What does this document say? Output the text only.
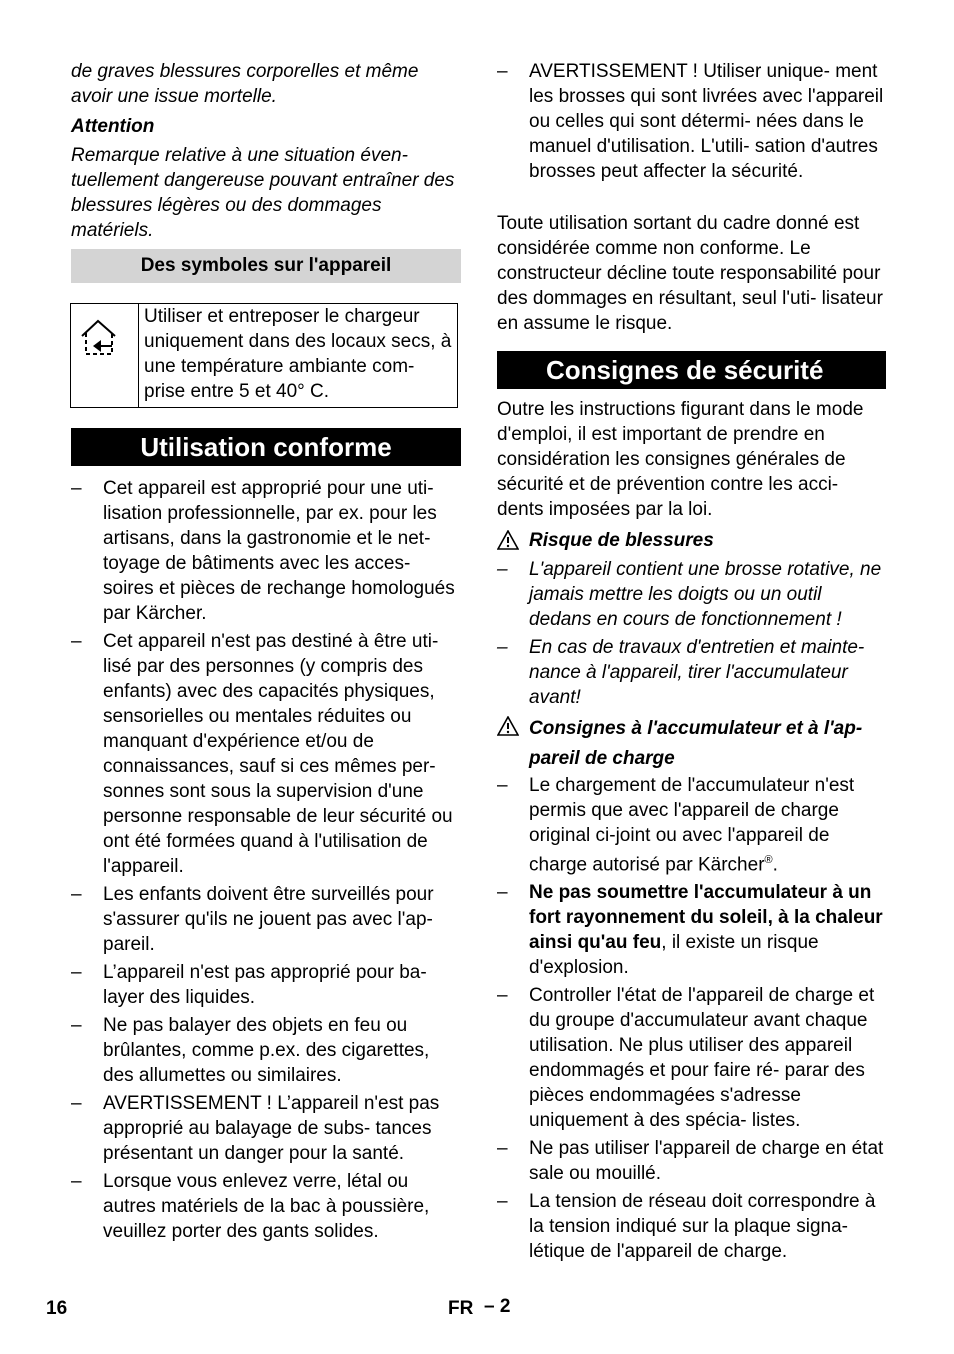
de graves blessures corporelles et même avoir une issue mortelle.

Attention

Remarque relative à une situation éven- tuellement dangereuse pouvant entraîner des blessures légères ou des dommages matériels.

Des symboles sur l'appareil

Utiliser et entreposer le chargeur uniquement dans des locaux secs, à une température ambiante com- prise entre 5 et 40° C.

Utilisation conforme
–	Cet appareil est approprié pour une uti- lisation professionnelle, par ex. pour les artisans, dans la gastronomie et le net- toyage de bâtiments avec les acces- soires et pièces de rechange homologués par Kärcher.
–	Cet appareil n'est pas destiné à être uti- lisé par des personnes (y compris des enfants) avec des capacités physiques, sensorielles ou mentales réduites ou manquant d'expérience et/ou de connaissances, sauf si ces mêmes per- sonnes sont sous la supervision d'une personne responsable de leur sécurité ou ont été formées quand à l'utilisation de l'appareil.
–	Les enfants doivent être surveillés pour s'assurer qu'ils ne jouent pas avec l'ap- pareil.
–	L’appareil n'est pas approprié pour ba- layer des liquides.
–	Ne pas balayer des objets en feu ou brûlantes, comme p.ex. des cigarettes, des allumettes ou similaires.
–	AVERTISSEMENT ! L’appareil n'est pas approprié au balayage de subs- tances présentant un danger pour la santé.
–	Lorsque vous enlevez verre, létal ou autres matériels de la bac à poussière, veuillez porter des gants solides.
–	AVERTISSEMENT ! Utiliser unique- ment les brosses qui sont livrées avec l'appareil ou celles qui sont détermi- nées dans le manuel d'utilisation. L'utili- sation d'autres brosses peut affecter la sécurité.

Toute utilisation sortant du cadre donné est considérée comme non conforme. Le constructeur décline toute responsabilité pour des dommages en résultant, seul l'uti- lisateur en assume le risque.

Consignes de sécurité

Outre les instructions figurant dans le mode d'emploi, il est important de prendre en considération les consignes générales de sécurité et de prévention contre les acci- dents imposées par la loi.

Risque de blessures

–	L'appareil contient une brosse rotative, ne jamais mettre les doigts ou un outil dedans en cours de fonctionnement !
–	En cas de travaux d'entretien et mainte- nance à l'appareil, tirer l'accumulateur avant!

Consignes à l'accumulateur et à l'ap- pareil de charge

–	Le chargement de l'accumulateur n'est permis que avec l'appareil de charge original ci-joint ou avec l'appareil de charge autorisé par Kärcher®.
–	Ne pas soumettre l'accumulateur à un fort rayonnement du soleil, à la chaleur ainsi qu'au feu, il existe un risque d'explosion.
–	Controller l'état de l'appareil de charge et du groupe d'accumulateur avant chaque utilisation. Ne plus utiliser des appareil endommagés et pour faire ré- parar des pièces endommagées s'adresse uniquement à des spécia- listes.
–	Ne pas utiliser l'appareil de charge en état sale ou mouillé.
–	La tension de réseau doit correspondre à la tension indiqué sur la plaque signa- létique de l'appareil de charge.
16	FR – 2
